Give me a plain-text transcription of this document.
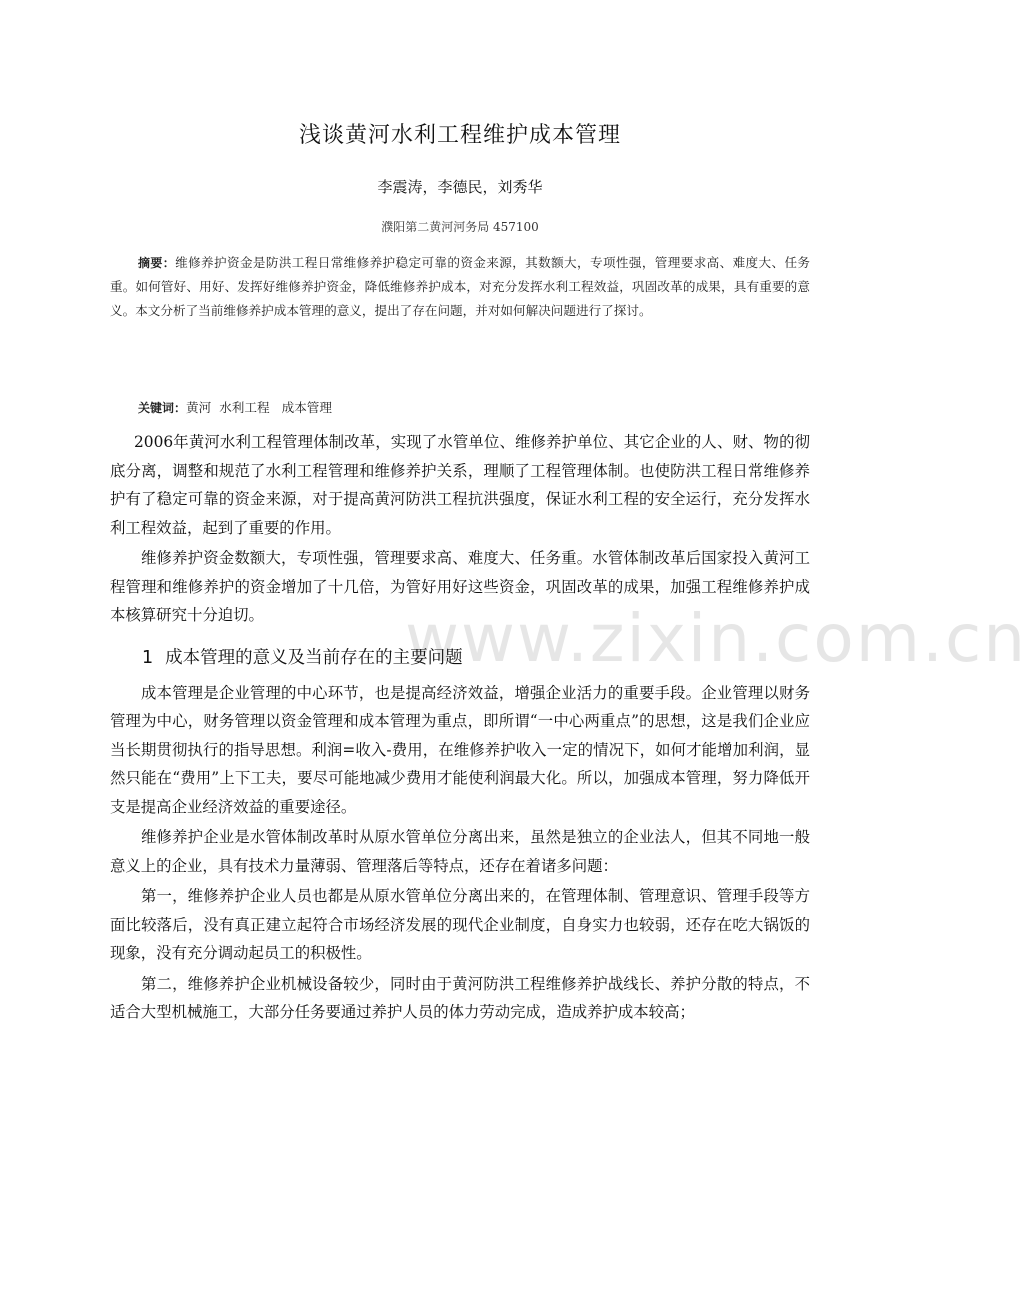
www.zixin.com.cn
浅谈黄河水利工程维护成本管理
李震涛，李德民，刘秀华
濮阳第二黄河河务局 457100
摘要：维修养护资金是防洪工程日常维修养护稳定可靠的资金来源，其数额大，专项性强，管理要求高、难度大、任务重。如何管好、用好、发挥好维修养护资金，降低维修养护成本，对充分发挥水利工程效益，巩固改革的成果，具有重要的意义。本文分析了当前维修养护成本管理的意义，提出了存在问题，并对如何解决问题进行了探讨。
关键词：黄河  水利工程   成本管理

2006年黄河水利工程管理体制改革，实现了水管单位、维修养护单位、其它企业的人、财、物的彻底分离，调整和规范了水利工程管理和维修养护关系，理顺了工程管理体制。也使防洪工程日常维修养护有了稳定可靠的资金来源，对于提高黄河防洪工程抗洪强度，保证水利工程的安全运行，充分发挥水利工程效益，起到了重要的作用。

维修养护资金数额大，专项性强，管理要求高、难度大、任务重。水管体制改革后国家投入黄河工程管理和维修养护的资金增加了十几倍，为管好用好这些资金，巩固改革的成果，加强工程维修养护成本核算研究十分迫切。

1 成本管理的意义及当前存在的主要问题

成本管理是企业管理的中心环节，也是提高经济效益，增强企业活力的重要手段。企业管理以财务管理为中心，财务管理以资金管理和成本管理为重点，即所谓“一中心两重点”的思想，这是我们企业应当长期贯彻执行的指导思想。利润=收入-费用，在维修养护收入一定的情况下，如何才能增加利润，显然只能在“费用”上下工夫，要尽可能地减少费用才能使利润最大化。所以，加强成本管理，努力降低开支是提高企业经济效益的重要途径。

维修养护企业是水管体制改革时从原水管单位分离出来，虽然是独立的企业法人，但其不同地一般意义上的企业，具有技术力量薄弱、管理落后等特点，还存在着诸多问题：

第一，维修养护企业人员也都是从原水管单位分离出来的，在管理体制、管理意识、管理手段等方面比较落后，没有真正建立起符合市场经济发展的现代企业制度，自身实力也较弱，还存在吃大锅饭的现象，没有充分调动起员工的积极性。

第二，维修养护企业机械设备较少，同时由于黄河防洪工程维修养护战线长、养护分散的特点，不适合大型机械施工，大部分任务要通过养护人员的体力劳动完成，造成养护成本较高；
